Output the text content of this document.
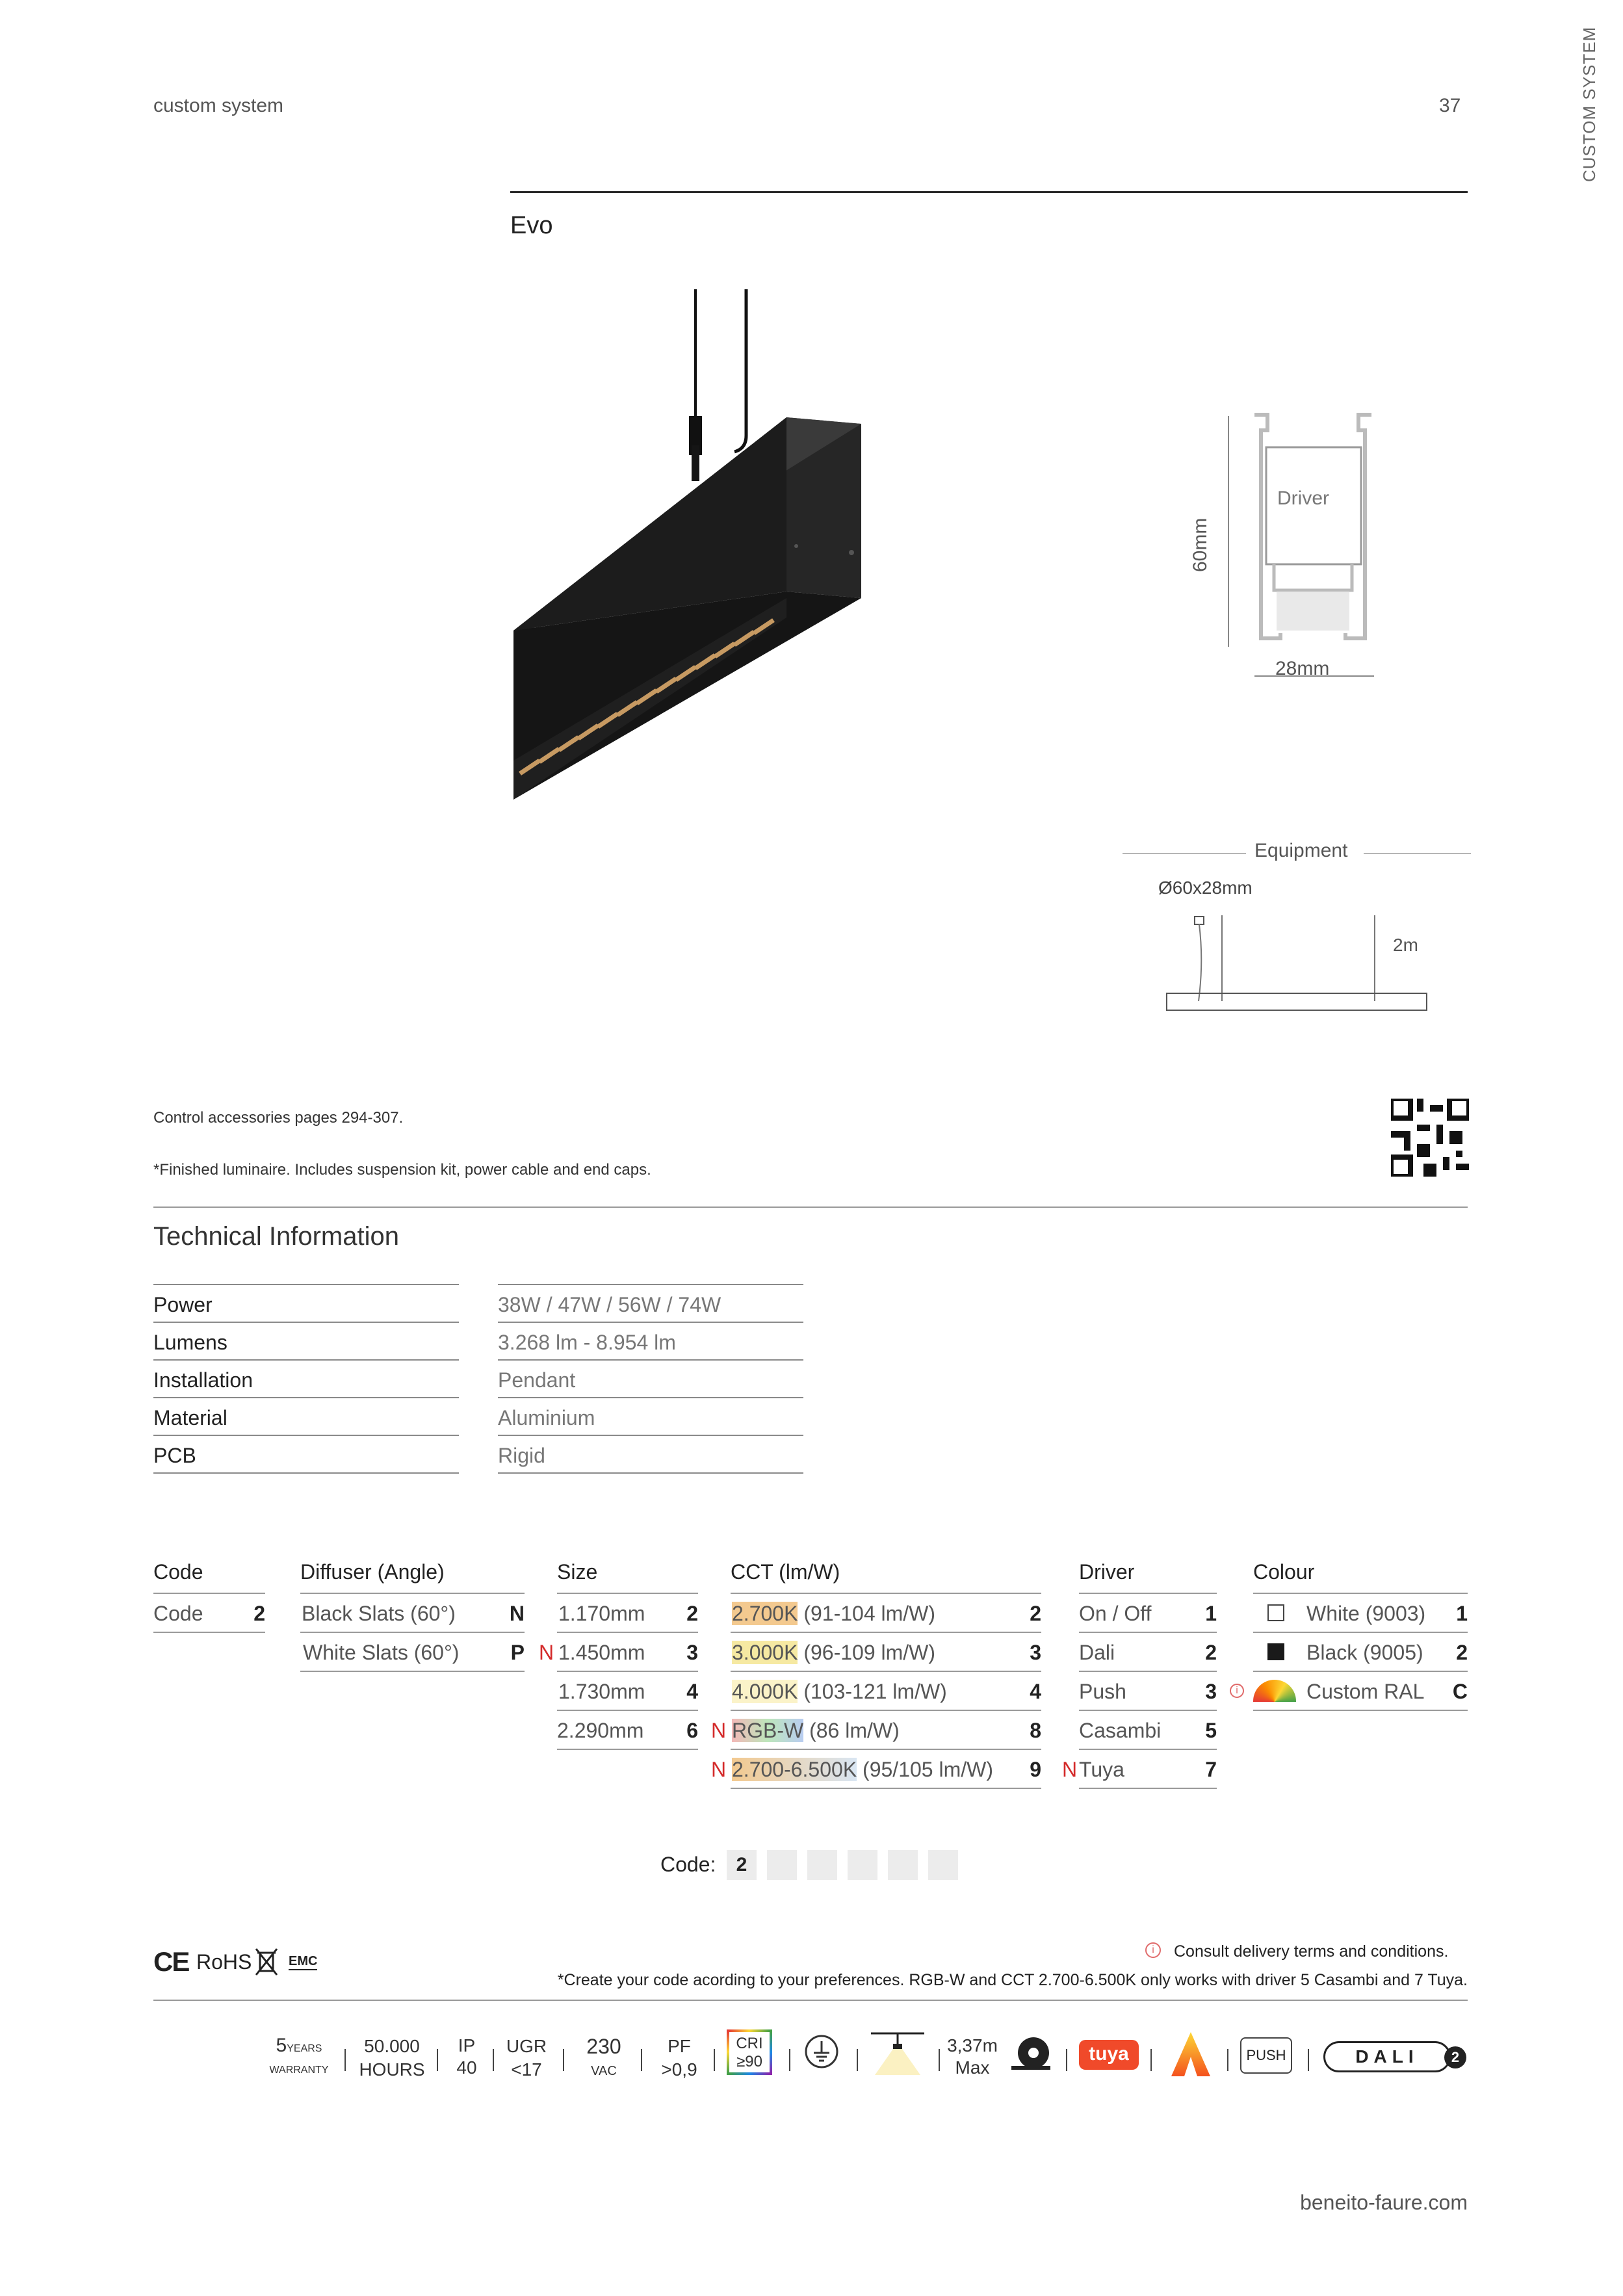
custom system	37	CUSTOM SYSTEM
Evo
60mm
Driver
28mm
Equipment
Ø60x28mm
2m
Control accessories pages 294-307.
*Finished luminaire. Includes suspension kit, power cable and end caps.
Technical Information
Power	38W / 47W / 56W / 74W
Lumens	3.268 lm - 8.954 lm
Installation	Pendant
Material	Aluminium
PCB	Rigid
Code
Code 2
Diffuser (Angle)
Black Slats (60°)	N
White Slats (60°) P
Size
1.170mm 2
N 1.450mm 3
1.730mm 4
2.290mm 6
CCT (lm/W)
2.700K (91-104 lm/W)	2
3.000K (96-109 lm/W)	3
4.000K (103-121 lm/W)	4
N RGB-W (86 lm/W)	8
N 2.700-6.500K (95/105 lm/W) 9
Driver
On / Off	1
Dali	2
Push	3
Casambi 5
N Tuya	7
Colour
White (9003) 1
Black (9005) 2
i	Custom RAL C
Code:	2
CE RoHS	EMC
i	Consult delivery terms and conditions.
*Create your code acording to your preferences. RGB-W and CCT 2.700-6.500K only works with driver 5 Casambi and 7 Tuya.
5YEARS
WARRANTY
50.000
HOURS
IP
40
UGR
<17
230
VAC
PF
>0,9
CRI
≥90
3,37m
Max
tuya	PUSH	DALI	2
beneito-faure.com
